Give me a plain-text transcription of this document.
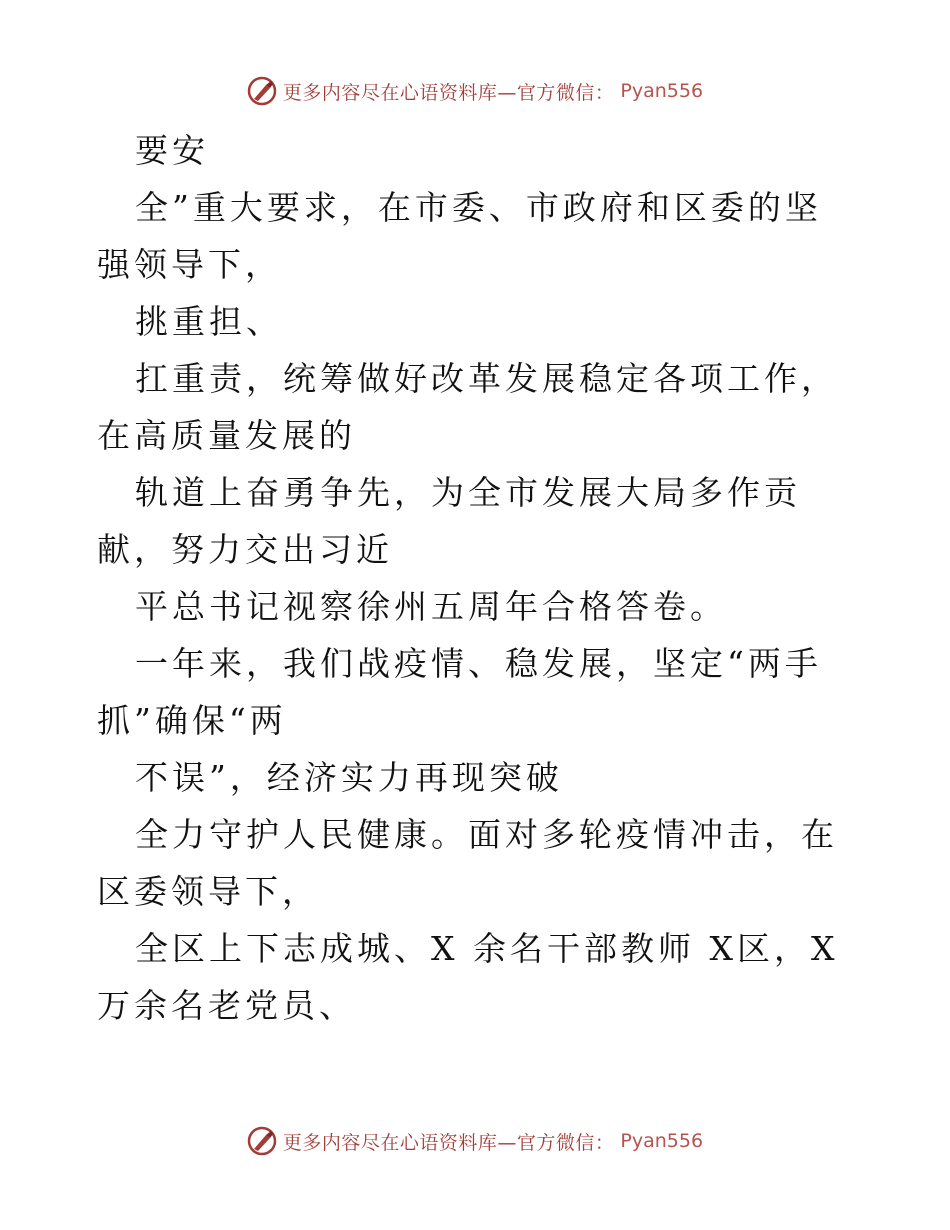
更多内容尽在心语资料库—官方微信： Pyan556

要安

全”重大要求，在市委、市政府和区委的坚强领导下，

挑重担、

扛重责，统筹做好改革发展稳定各项工作，在高质量发展的

轨道上奋勇争先，为全市发展大局多作贡献，努力交出习近

平总书记视察徐州五周年合格答卷。

一年来，我们战疫情、稳发展，坚定“两手抓”确保“两

不误”，经济实力再现突破

全力守护人民健康。面对多轮疫情冲击，在区委领导下，

全区上下志成城、X 余名干部教师 X区，X 万余名老党员、

更多内容尽在心语资料库—官方微信： Pyan556
